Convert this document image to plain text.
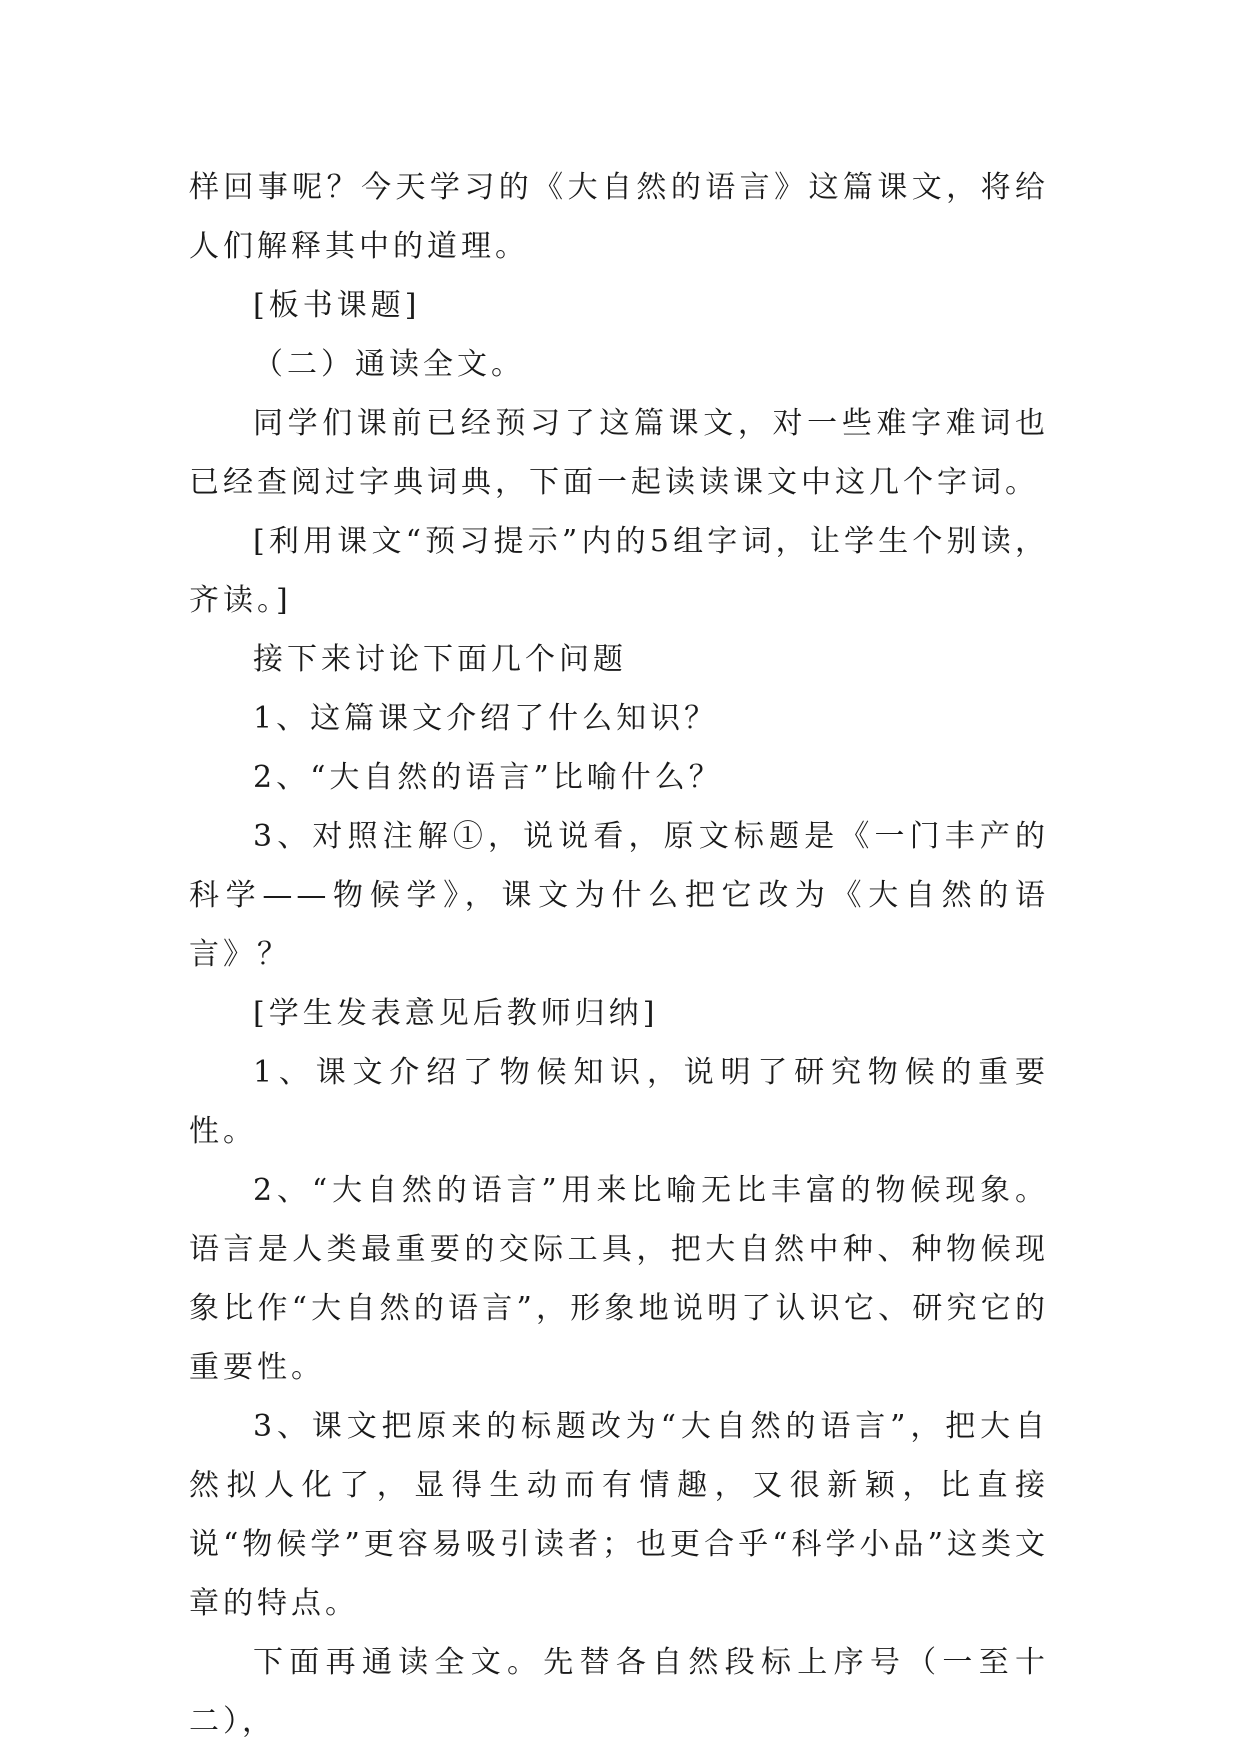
样回事呢？今天学习的《大自然的语言》这篇课文，将给人们解释其中的道理。

[板书课题]

（二）通读全文。

同学们课前已经预习了这篇课文，对一些难字难词也已经查阅过字典词典，下面一起读读课文中这几个字词。

[利用课文“预习提示”内的5组字词，让学生个别读，齐读。]

接下来讨论下面几个问题

1、这篇课文介绍了什么知识？

2、“大自然的语言”比喻什么？

3、对照注解①，说说看，原文标题是《一门丰产的科学——物候学》，课文为什么把它改为《大自然的语言》？

[学生发表意见后教师归纳]

1、课文介绍了物候知识，说明了研究物候的重要性。

2、“大自然的语言”用来比喻无比丰富的物候现象。语言是人类最重要的交际工具，把大自然中种、种物候现象比作“大自然的语言”，形象地说明了认识它、研究它的重要性。

3、课文把原来的标题改为“大自然的语言”，把大自然拟人化了，显得生动而有情趣，又很新颖，比直接说“物候学”更容易吸引读者；也更合乎“科学小品”这类文章的特点。

下面再通读全文。先替各自然段标上序号（一至十二），
